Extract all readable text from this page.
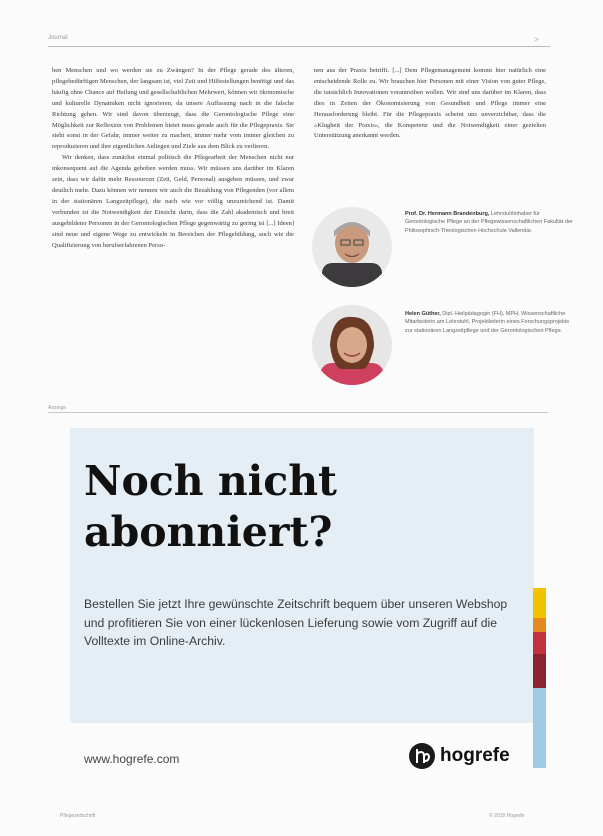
Journal	>

ben Menschen und wo werden sie zu Zwängen? In der Pflege gerade des älteren, pflegebedürftigen Menschen, der langsam ist, viel Zeit und Hilfestellungen benötigt und das häufig ohne Chance auf Heilung und gesellschaftlichen Mehrwert, können wir ökonomische und kulturelle Dynamiken nicht ignorieren, da unsere Auffassung nach in die falsche Richtung gehen. Wir sind davon überzeugt, dass die Gerontologische Pflege eine Möglichkeit zur Reflexion von Problemen bietet muss gerade auch für die Pflegepraxis. Sie steht sonst in der Gefahr, immer weiter zu machen, immer mehr vom immer gleichen zu reproduzieren und ihre eigentlichen Anliegen und Ziele aus dem Blick zu verlieren.

Wir denken, dass zunächst einmal politisch die Pflegearbeit der Menschen nicht nur inkonsequent auf die Agenda gehoben werden muss. Wir müssen uns darüber im Klaren sein, dass wir dafür mehr Ressourcen (Zeit, Geld, Personal) ausgeben müssen, und zwar deutlich mehr. Dazu können wir nennen wir auch die Bezahlung von Pflegenden (vor allem in der stationären Langzeitpflege), die nach wie vor völlig unzureichend ist. Damit verbunden ist die Notwendigkeit der Einsicht darin, dass die Zahl akademisch und breit ausgebildeter Personen in der Gerontologischen Pflege gegenwärtig zu gering ist [...] Ideen] sind neue und eigene Wege zu entwickeln in Bereichen der Pflegebildung, auch wie die Qualifizierung von berufserfahrenen Perso-

nen aus der Praxis betrifft. [...] Dem Pflegemanagement kommt hier natürlich eine entscheidende Rolle zu. Wir brauchen hier Personen mit einer Vision von guter Pflege, die tatsächlich Innovationen vorantreiben wollen. Wir sind uns darüber im Klaren, dass dies in Zeiten der Ökonomisierung von Gesundheit und Pflege immer eine Herausforderung bleibt. Für die Pflegepraxis scheint uns unverzichtbar, dass die »Klugheit der Praxis«, die Kompetenz und die Notwendigkeit einer gezielten Unterstützung anerkannt werden.

Prof. Dr. Hermann Brandenburg, Lehrstuhlinhaber für Gerontologische Pflege an der Pflegewissenschaftlichen Fakultät der Philosophisch-Theologischen Hochschule Vallendar.
Helen Güther, Dipl.-Heilpädagogin (FH), MPH, Wissenschaftliche Mitarbeiterin am Lehrstuhl, Projektleiterin eines Forschungsprojekts zur stationären Langzeitpflege und der Gerontologischen Pflege.
Anzeige
Noch nicht
abonniert?
Bestellen Sie jetzt Ihre gewünschte Zeitschrift bequem über unseren Webshop und profitieren Sie von einer lückenlosen Lieferung sowie vom Zugriff auf die Volltexte im Online-Archiv.
www.hogrefe.com	hogrefe
Pflegezeitschrift	© 2018 Hogrefe
